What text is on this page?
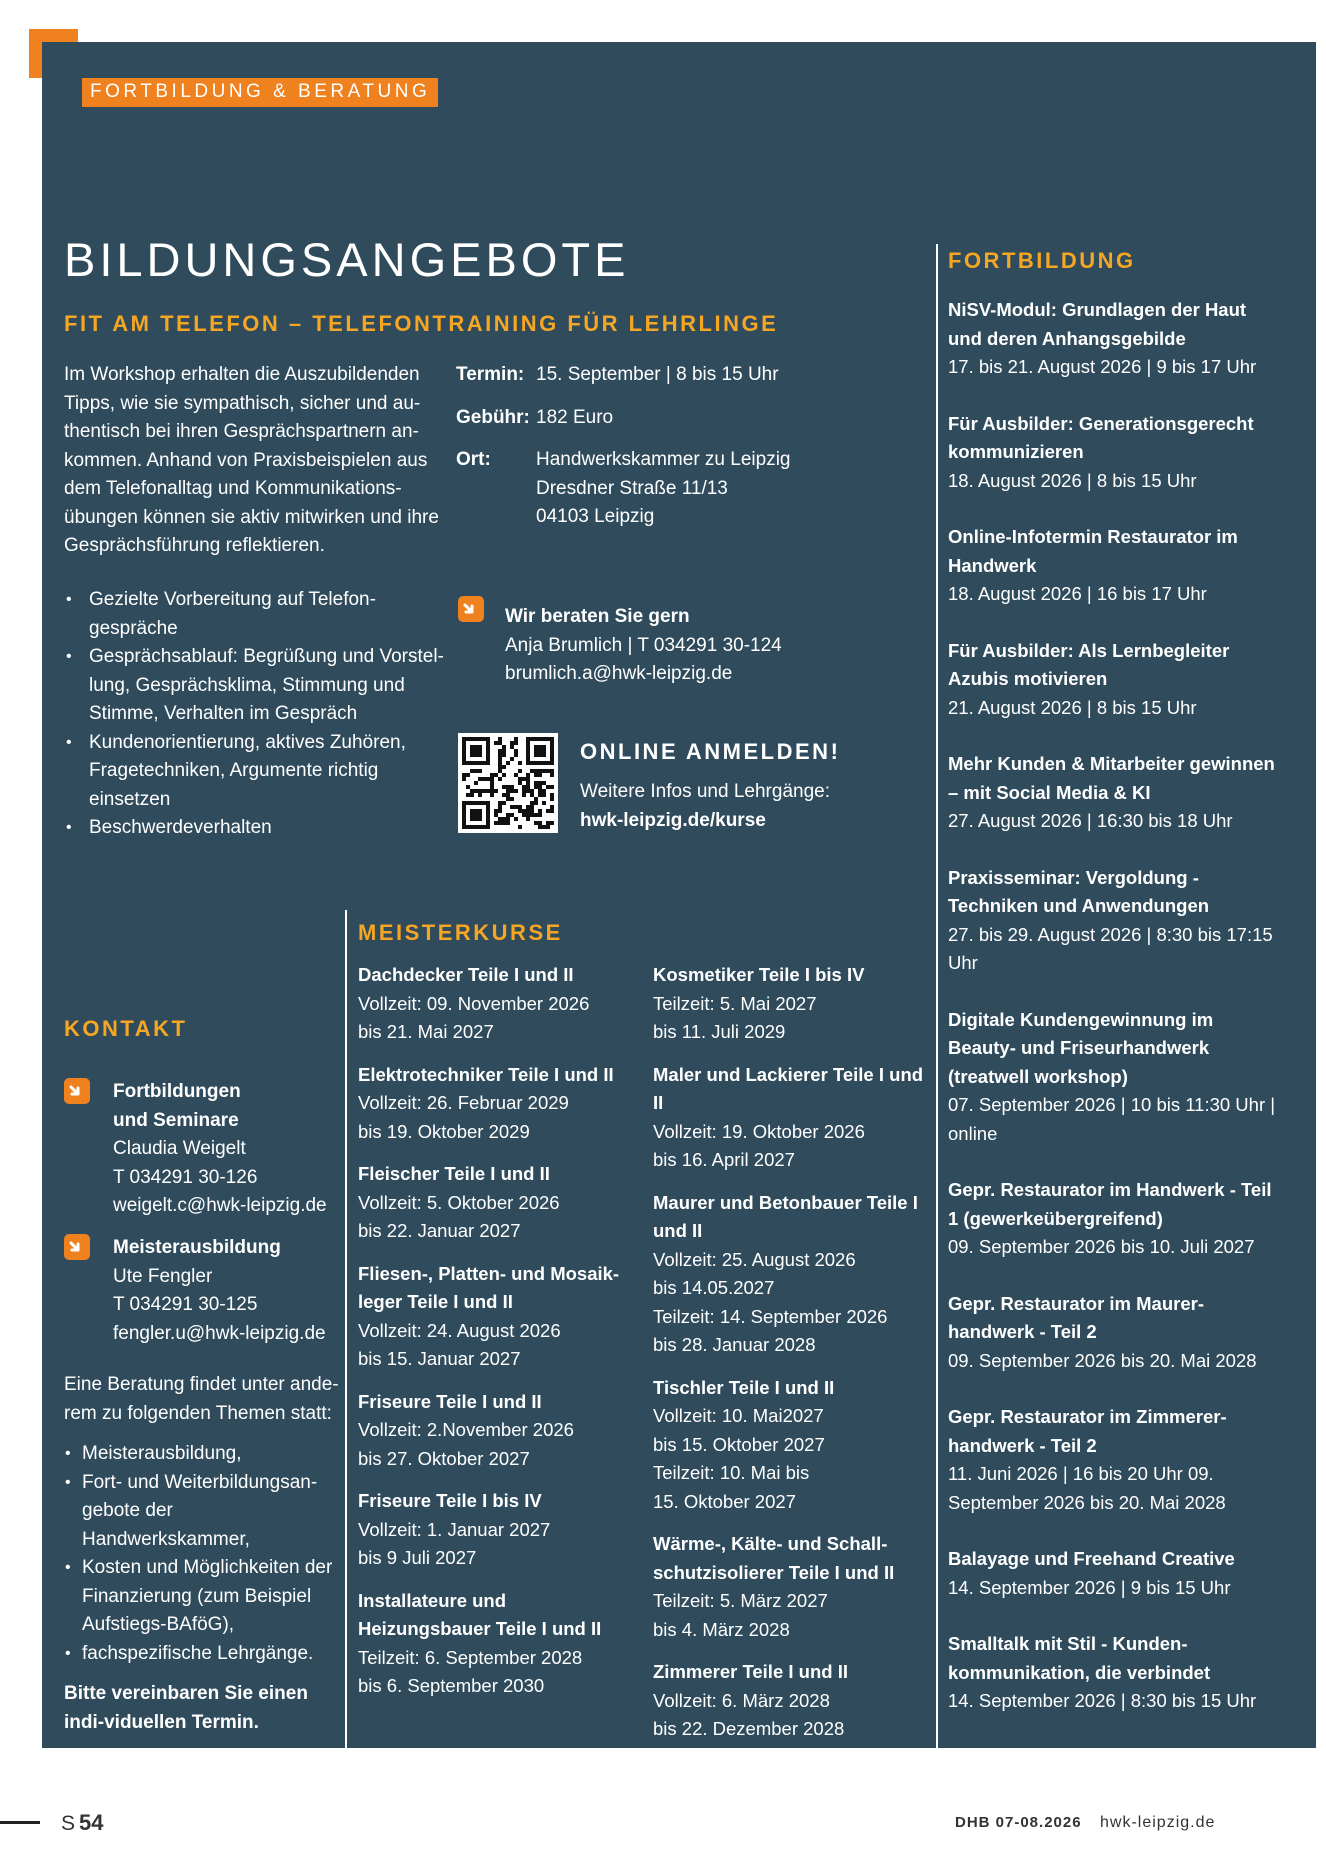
FORTBILDUNG & BERATUNG
BILDUNGSANGEBOTE
FIT AM TELEFON – TELEFONTRAINING FÜR LEHRLINGE
Im Workshop erhalten die Auszubildenden
Tipps, wie sie sympathisch, sicher und au-
thentisch bei ihren Gesprächspartnern an-
kommen. Anhand von Praxisbeispielen aus
dem Telefonalltag und Kommunikations-
übungen können sie aktiv mitwirken und ihre
Gesprächsführung reflektieren.
• Gezielte Vorbereitung auf Telefon-gespräche
• Gesprächsablauf: Begrüßung und Vorstel-lung, Gesprächsklima, Stimmung und Stimme, Verhalten im Gespräch
• Kundenorientierung, aktives Zuhören, Fragetechniken, Argumente richtig einsetzen
• Beschwerdeverhalten
Termin: 15. September | 8 bis 15 Uhr
Gebühr: 182 Euro
Ort:	Handwerkskammer zu Leipzig
Dresdner Straße 11/13
04103 Leipzig
Wir beraten Sie gern
Anja Brumlich | T 034291 30-124
brumlich.a@hwk-leipzig.de
ONLINE ANMELDEN!
Weitere Infos und Lehrgänge:
hwk-leipzig.de/kurse
FORTBILDUNG
NiSV-Modul: Grundlagen der Haut und deren Anhangsgebilde
17. bis 21. August 2026 | 9 bis 17 Uhr
Für Ausbilder: Generationsgerecht kommunizieren
18. August 2026 | 8 bis 15 Uhr
Online-Infotermin Restaurator im Handwerk
18. August 2026 | 16 bis 17 Uhr
Für Ausbilder: Als Lernbegleiter Azubis motivieren
21. August 2026 | 8 bis 15 Uhr
Mehr Kunden & Mitarbeiter gewinnen – mit Social Media & KI
27. August 2026 | 16:30 bis 18 Uhr
Praxisseminar: Vergoldung - Techniken und Anwendungen
27. bis 29. August 2026 | 8:30 bis 17:15 Uhr
Digitale Kundengewinnung im Beauty- und Friseurhandwerk (treatwell workshop)
07. September 2026 | 10 bis 11:30 Uhr | online
Gepr. Restaurator im Handwerk - Teil 1 (gewerkeübergreifend)
09. September 2026 bis 10. Juli 2027
Gepr. Restaurator im Maurer-handwerk - Teil 2
09. September 2026 bis 20. Mai 2028
Gepr. Restaurator im Zimmerer-handwerk - Teil 2
11. Juni 2026 | 16 bis 20 Uhr 09. September 2026 bis 20. Mai 2028
Balayage und Freehand Creative
14. September 2026 | 9 bis 15 Uhr
Smalltalk mit Stil - Kunden-kommunikation, die verbindet
14. September 2026 | 8:30 bis 15 Uhr
MEISTERKURSE
Dachdecker Teile I und II
Vollzeit: 09. November 2026
bis 21. Mai 2027
Elektrotechniker Teile I und II
Vollzeit: 26. Februar 2029
bis 19. Oktober 2029
Fleischer Teile I und II
Vollzeit: 5. Oktober 2026
bis 22. Januar 2027
Fliesen-, Platten- und Mosaik-leger Teile I und II
Vollzeit: 24. August 2026
bis 15. Januar 2027
Friseure Teile I und II
Vollzeit: 2.November 2026
bis 27. Oktober 2027
Friseure Teile I bis IV
Vollzeit: 1. Januar 2027
bis 9 Juli 2027
Installateure und Heizungsbauer Teile I und II
Teilzeit: 6. September 2028
bis 6. September 2030
Kosmetiker Teile I bis IV
Teilzeit: 5. Mai 2027
bis 11. Juli 2029
Maler und Lackierer Teile I und II
Vollzeit: 19. Oktober 2026
bis 16. April 2027
Maurer und Betonbauer Teile I und II
Vollzeit: 25. August 2026
bis 14.05.2027
Teilzeit: 14. September 2026
bis 28. Januar 2028
Tischler Teile I und II
Vollzeit: 10. Mai2027
bis 15. Oktober 2027
Teilzeit: 10. Mai bis
15. Oktober 2027
Wärme-, Kälte- und Schall-schutzisolierer Teile I und II
Teilzeit: 5. März 2027
bis 4. März 2028
Zimmerer Teile I und II
Vollzeit: 6. März 2028
bis 22. Dezember 2028
KONTAKT
Fortbildungen
und Seminare
Claudia Weigelt
T 034291 30-126
weigelt.c@hwk-leipzig.de
Meisterausbildung
Ute Fengler
T 034291 30-125
fengler.u@hwk-leipzig.de
Eine Beratung findet unter ande-
rem zu folgenden Themen statt:
• Meisterausbildung,
• Fort- und Weiterbildungsan-gebote der Handwerkskammer,
• Kosten und Möglichkeiten der Finanzierung (zum Beispiel Aufstiegs-BAföG),
• fachspezifische Lehrgänge.
Bitte vereinbaren Sie einen indi-viduellen Termin.
S 54	DHB 07-08.2026 hwk-leipzig.de
